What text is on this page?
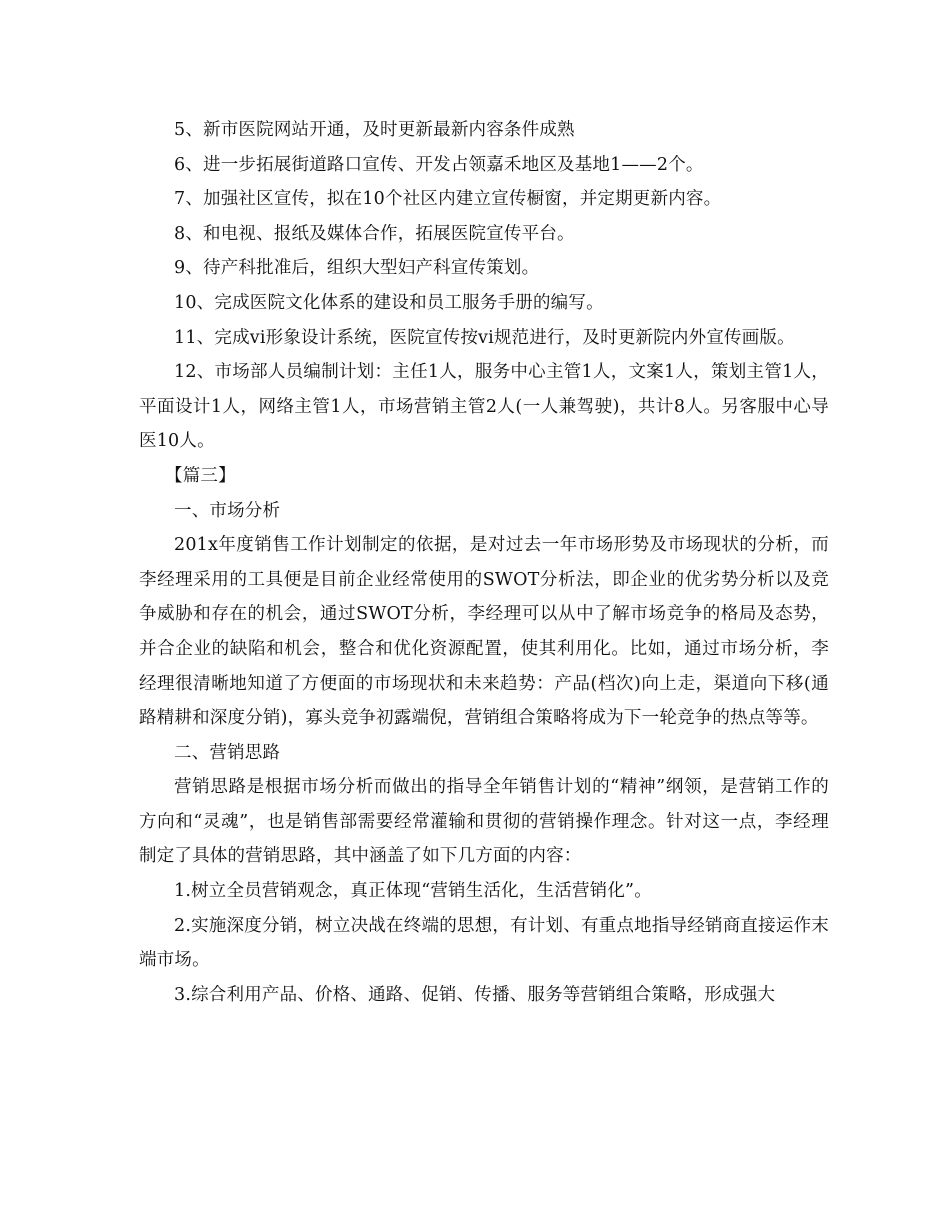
5、新市医院网站开通，及时更新最新内容条件成熟

6、进一步拓展街道路口宣传、开发占领嘉禾地区及基地1——2个。

7、加强社区宣传，拟在10个社区内建立宣传橱窗，并定期更新内容。

8、和电视、报纸及媒体合作，拓展医院宣传平台。

9、待产科批准后，组织大型妇产科宣传策划。

10、完成医院文化体系的建设和员工服务手册的编写。

11、完成vi形象设计系统，医院宣传按vi规范进行，及时更新院内外宣传画版。

12、市场部人员编制计划：主任1人，服务中心主管1人，文案1人，策划主管1人，平面设计1人，网络主管1人，市场营销主管2人(一人兼驾驶)，共计8人。另客服中心导医10人。

【篇三】

一、市场分析

201x年度销售工作计划制定的依据，是对过去一年市场形势及市场现状的分析，而李经理采用的工具便是目前企业经常使用的SWOT分析法，即企业的优劣势分析以及竞争威胁和存在的机会，通过SWOT分析，李经理可以从中了解市场竞争的格局及态势，并合企业的缺陷和机会，整合和优化资源配置，使其利用化。比如，通过市场分析，李经理很清晰地知道了方便面的市场现状和未来趋势：产品(档次)向上走，渠道向下移(通路精耕和深度分销)，寡头竞争初露端倪，营销组合策略将成为下一轮竞争的热点等等。

二、营销思路

营销思路是根据市场分析而做出的指导全年销售计划的“精神”纲领，是营销工作的方向和“灵魂”，也是销售部需要经常灌输和贯彻的营销操作理念。针对这一点，李经理制定了具体的营销思路，其中涵盖了如下几方面的内容：

1.树立全员营销观念，真正体现“营销生活化，生活营销化”。

2.实施深度分销，树立决战在终端的思想，有计划、有重点地指导经销商直接运作末端市场。

3.综合利用产品、价格、通路、促销、传播、服务等营销组合策略，形成强大
